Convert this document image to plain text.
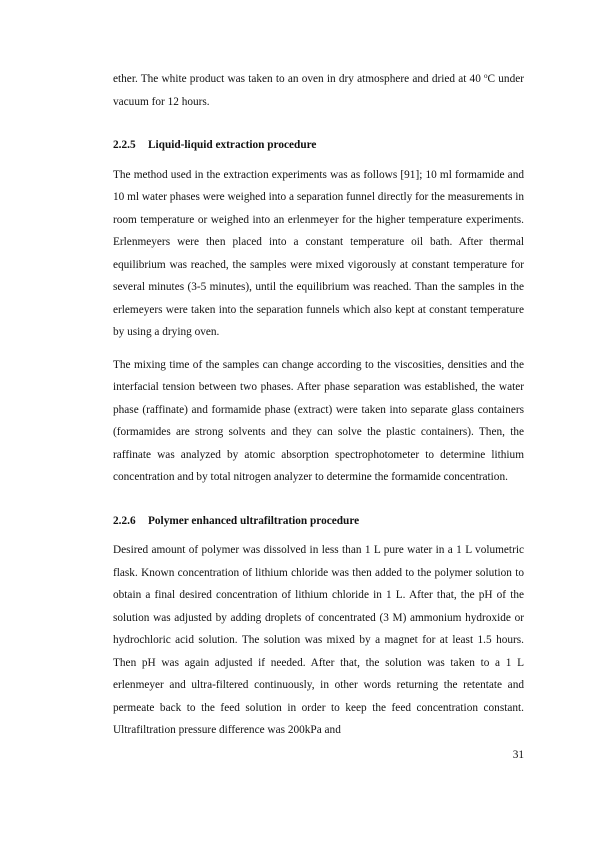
ether. The white product was taken to an oven in dry atmosphere and dried at 40 $^o$C under vacuum for 12 hours.

2.2.5 Liquid-liquid extraction procedure

The method used in the extraction experiments was as follows [91]; 10 ml formamide and 10 ml water phases were weighed into a separation funnel directly for the measurements in room temperature or weighed into an erlenmeyer for the higher temperature experiments. Erlenmeyers were then placed into a constant temperature oil bath. After thermal equilibrium was reached, the samples were mixed vigorously at constant temperature for several minutes (3-5 minutes), until the equilibrium was reached. Than the samples in the erlemeyers were taken into the separation funnels which also kept at constant temperature by using a drying oven.

The mixing time of the samples can change according to the viscosities, densities and the interfacial tension between two phases. After phase separation was established, the water phase (raffinate) and formamide phase (extract) were taken into separate glass containers (formamides are strong solvents and they can solve the plastic containers). Then, the raffinate was analyzed by atomic absorption spectrophotometer to determine lithium concentration and by total nitrogen analyzer to determine the formamide concentration.

2.2.6 Polymer enhanced ultrafiltration procedure

Desired amount of polymer was dissolved in less than 1 L pure water in a 1 L volumetric flask. Known concentration of lithium chloride was then added to the polymer solution to obtain a final desired concentration of lithium chloride in 1 L. After that, the pH of the solution was adjusted by adding droplets of concentrated (3 M) ammonium hydroxide or hydrochloric acid solution. The solution was mixed by a magnet for at least 1.5 hours. Then pH was again adjusted if needed. After that, the solution was taken to a 1 L erlenmeyer and ultra-filtered continuously, in other words returning the retentate and permeate back to the feed solution in order to keep the feed concentration constant. Ultrafiltration pressure difference was 200kPa and

31
